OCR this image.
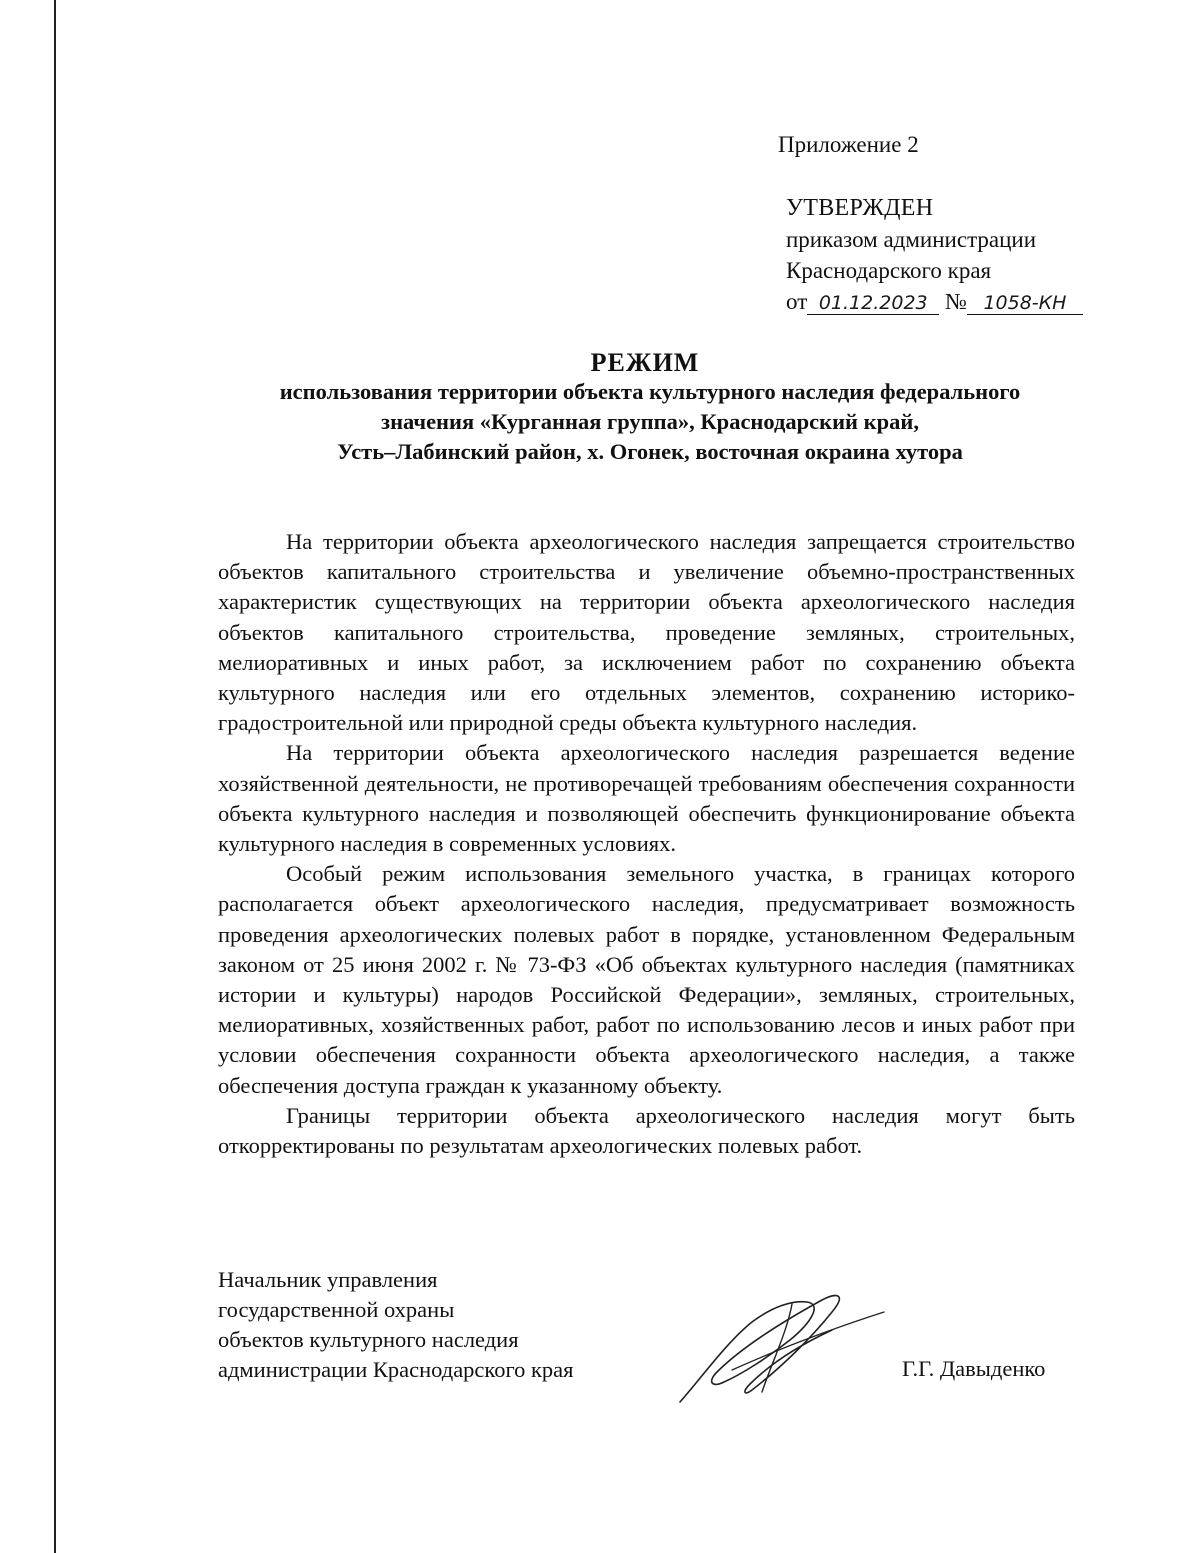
Приложение 2
УТВЕРЖДЕН
приказом администрации
Краснодарского края
от 01.12.2023 № 1058-КН
РЕЖИМ
использования территории объекта культурного наследия федерального
значения «Курганная группа», Краснодарский край,
Усть–Лабинский район, х. Огонек, восточная окраина хутора

На территории объекта археологического наследия запрещается строительство объектов капитального строительства и увеличение объемно-пространственных характеристик существующих на территории объекта археологического наследия объектов капитального строительства, проведение земляных, строительных, мелиоративных и иных работ, за исключением работ по сохранению объекта культурного наследия или его отдельных элементов, сохранению историко-градостроительной или природной среды объекта культурного наследия.

На территории объекта археологического наследия разрешается ведение хозяйственной деятельности, не противоречащей требованиям обеспечения сохранности объекта культурного наследия и позволяющей обеспечить функционирование объекта культурного наследия в современных условиях.

Особый режим использования земельного участка, в границах которого располагается объект археологического наследия, предусматривает возможность проведения археологических полевых работ в порядке, установленном Федеральным законом от 25 июня 2002 г. № 73-ФЗ «Об объектах культурного наследия (памятниках истории и культуры) народов Российской Федерации», земляных, строительных, мелиоративных, хозяйственных работ, работ по использованию лесов и иных работ при условии обеспечения сохранности объекта археологического наследия, а также обеспечения доступа граждан к указанному объекту.

Границы территории объекта археологического наследия могут быть откорректированы по результатам археологических полевых работ.

Начальник управления
государственной охраны
объектов культурного наследия
администрации Краснодарского края	Г.Г. Давыденко
